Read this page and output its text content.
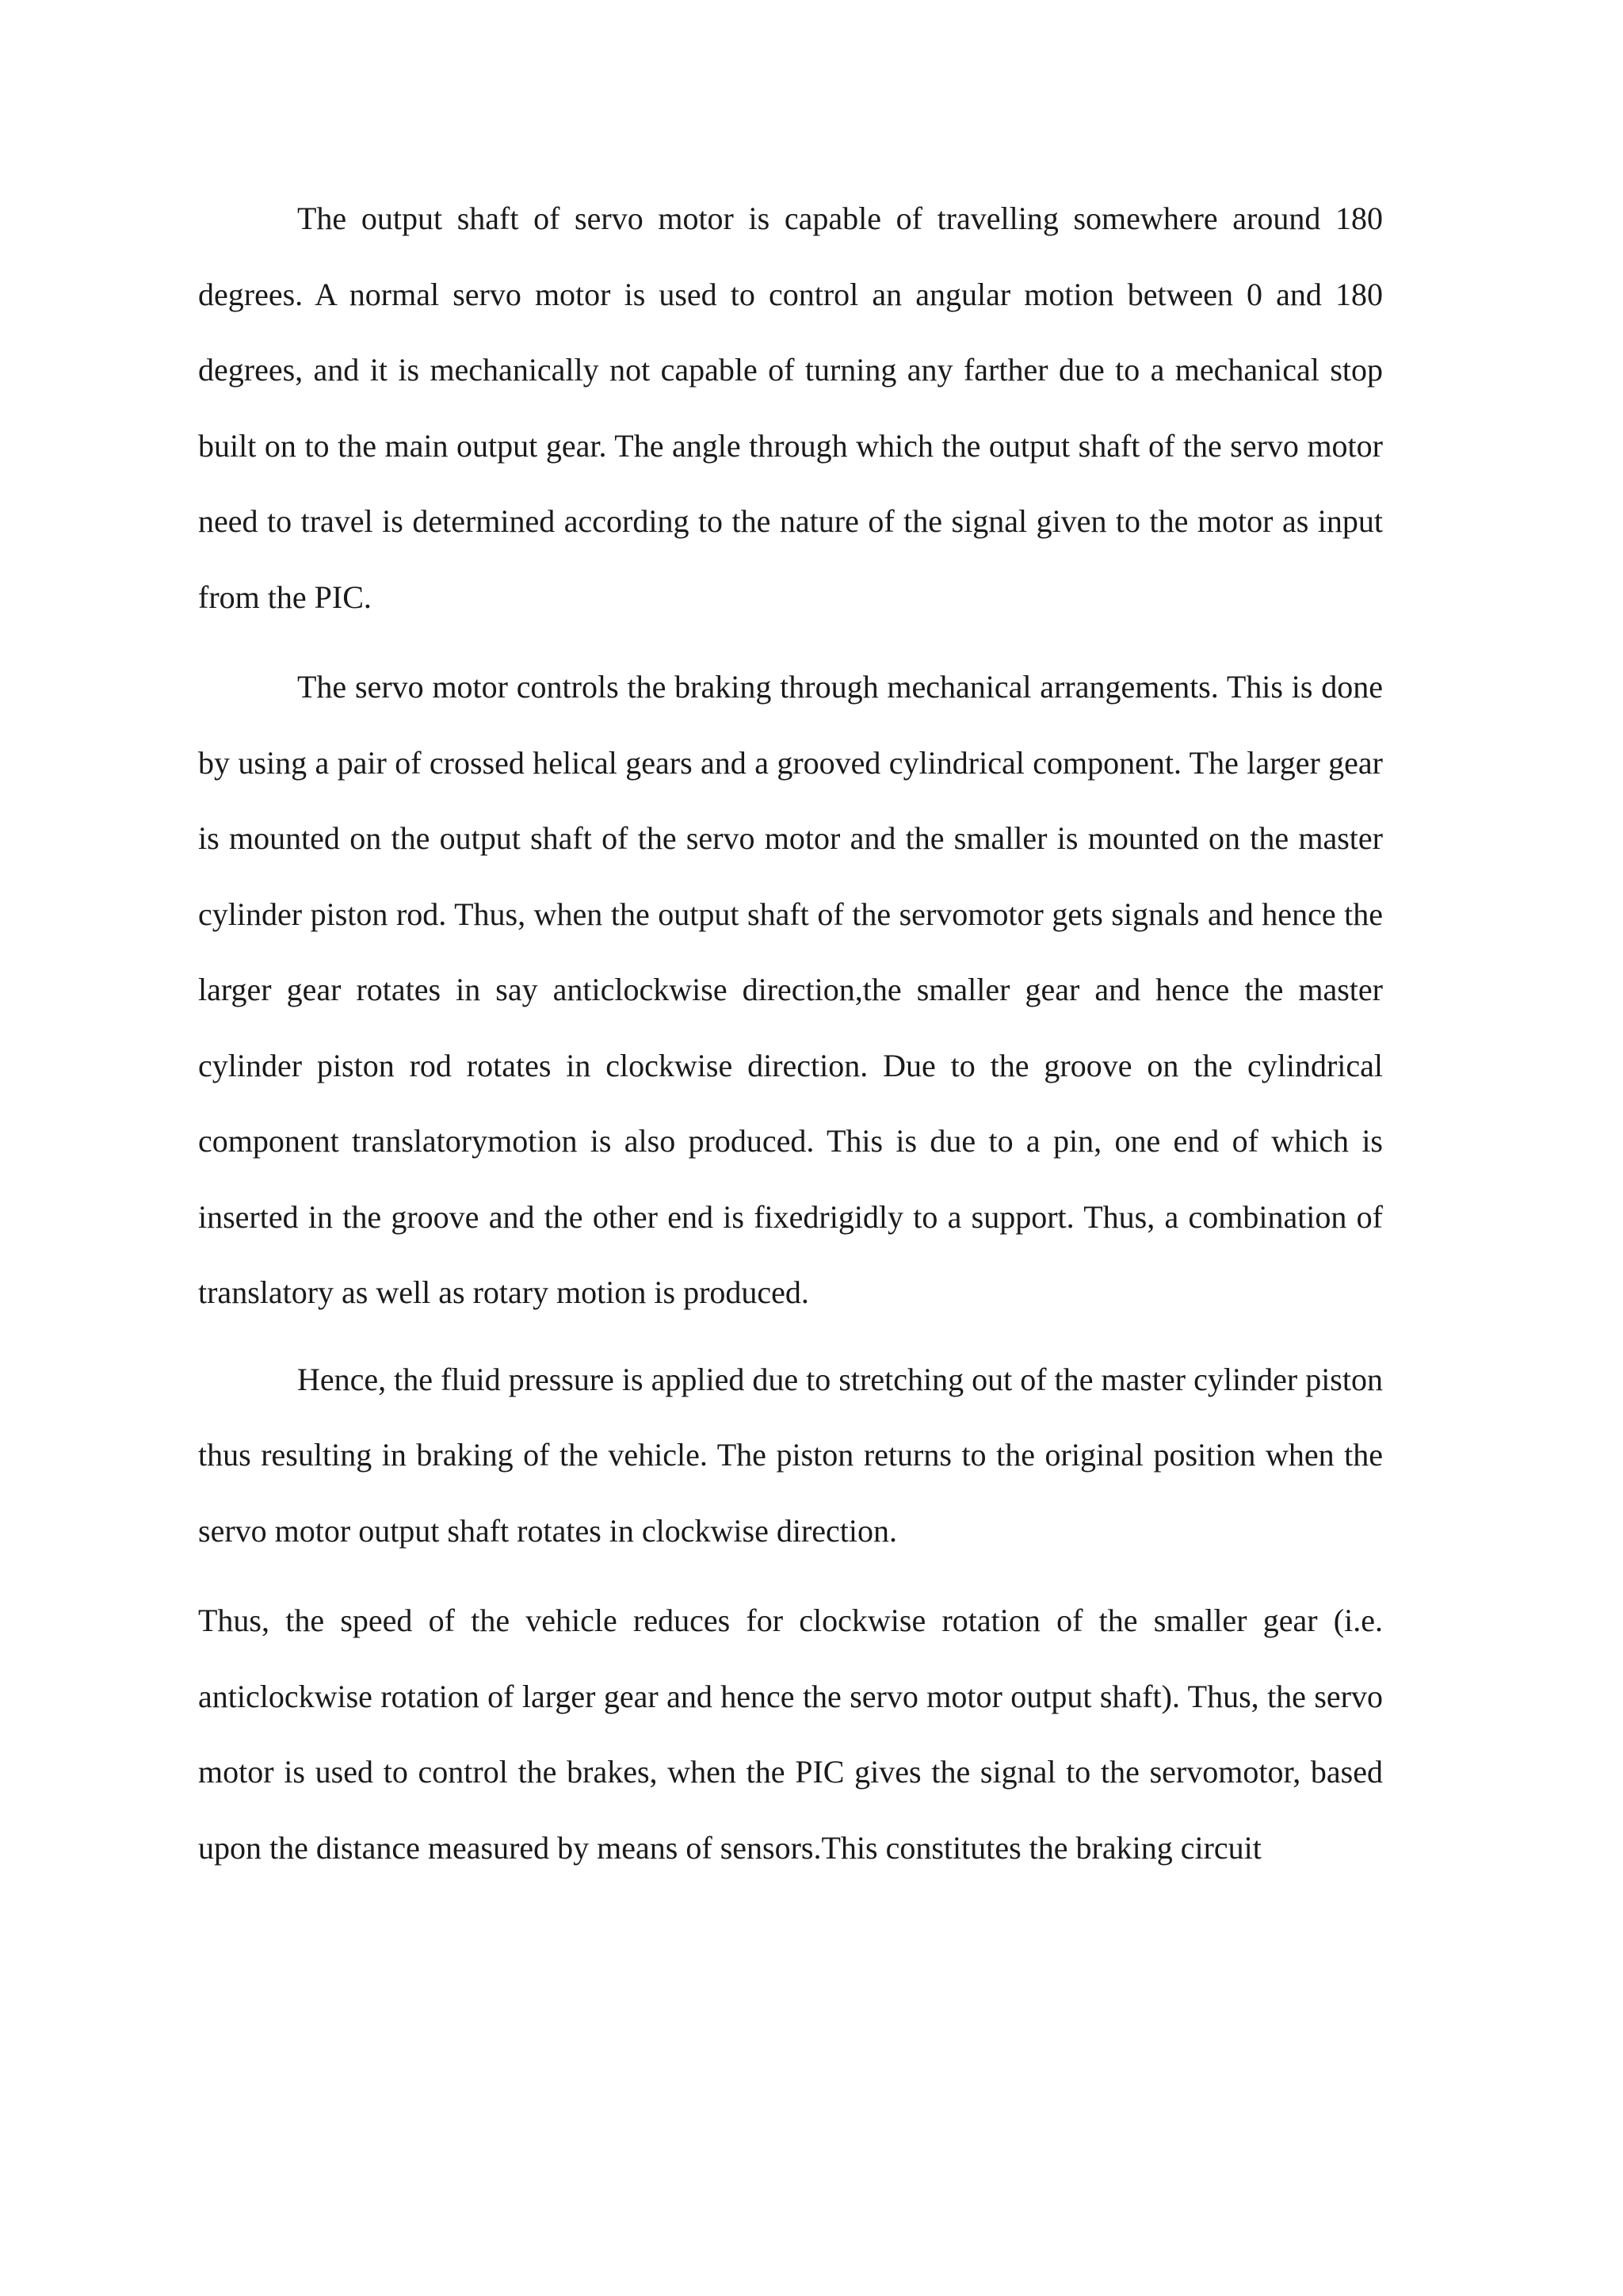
The output shaft of servo motor is capable of travelling somewhere around 180 degrees. A normal servo motor is used to control an angular motion between 0 and 180 degrees, and it is mechanically not capable of turning any farther due to a mechanical stop built on to the main output gear. The angle through which the output shaft of the servo motor need to travel is determined according to the nature of the signal given to the motor as input from the PIC.

The servo motor controls the braking through mechanical arrangements. This is done by using a pair of crossed helical gears and a grooved cylindrical component. The larger gear is mounted on the output shaft of the servo motor and the smaller is mounted on the master cylinder piston rod. Thus, when the output shaft of the servomotor gets signals and hence the larger gear rotates in say anticlockwise direction,the smaller gear and hence the master cylinder piston rod rotates in clockwise direction. Due to the groove on the cylindrical component translatorymotion is also produced. This is due to a pin, one end of which is inserted in the groove and the other end is fixedrigidly to a support. Thus, a combination of translatory as well as rotary motion is produced.

Hence, the fluid pressure is applied due to stretching out of the master cylinder piston thus resulting in braking of the vehicle. The piston returns to the original position when the servo motor output shaft rotates in clockwise direction.

Thus, the speed of the vehicle reduces for clockwise rotation of the smaller gear (i.e. anticlockwise rotation of larger gear and hence the servo motor output shaft). Thus, the servo motor is used to control the brakes, when the PIC gives the signal to the servomotor, based upon the distance measured by means of sensors.This constitutes the braking circuit
